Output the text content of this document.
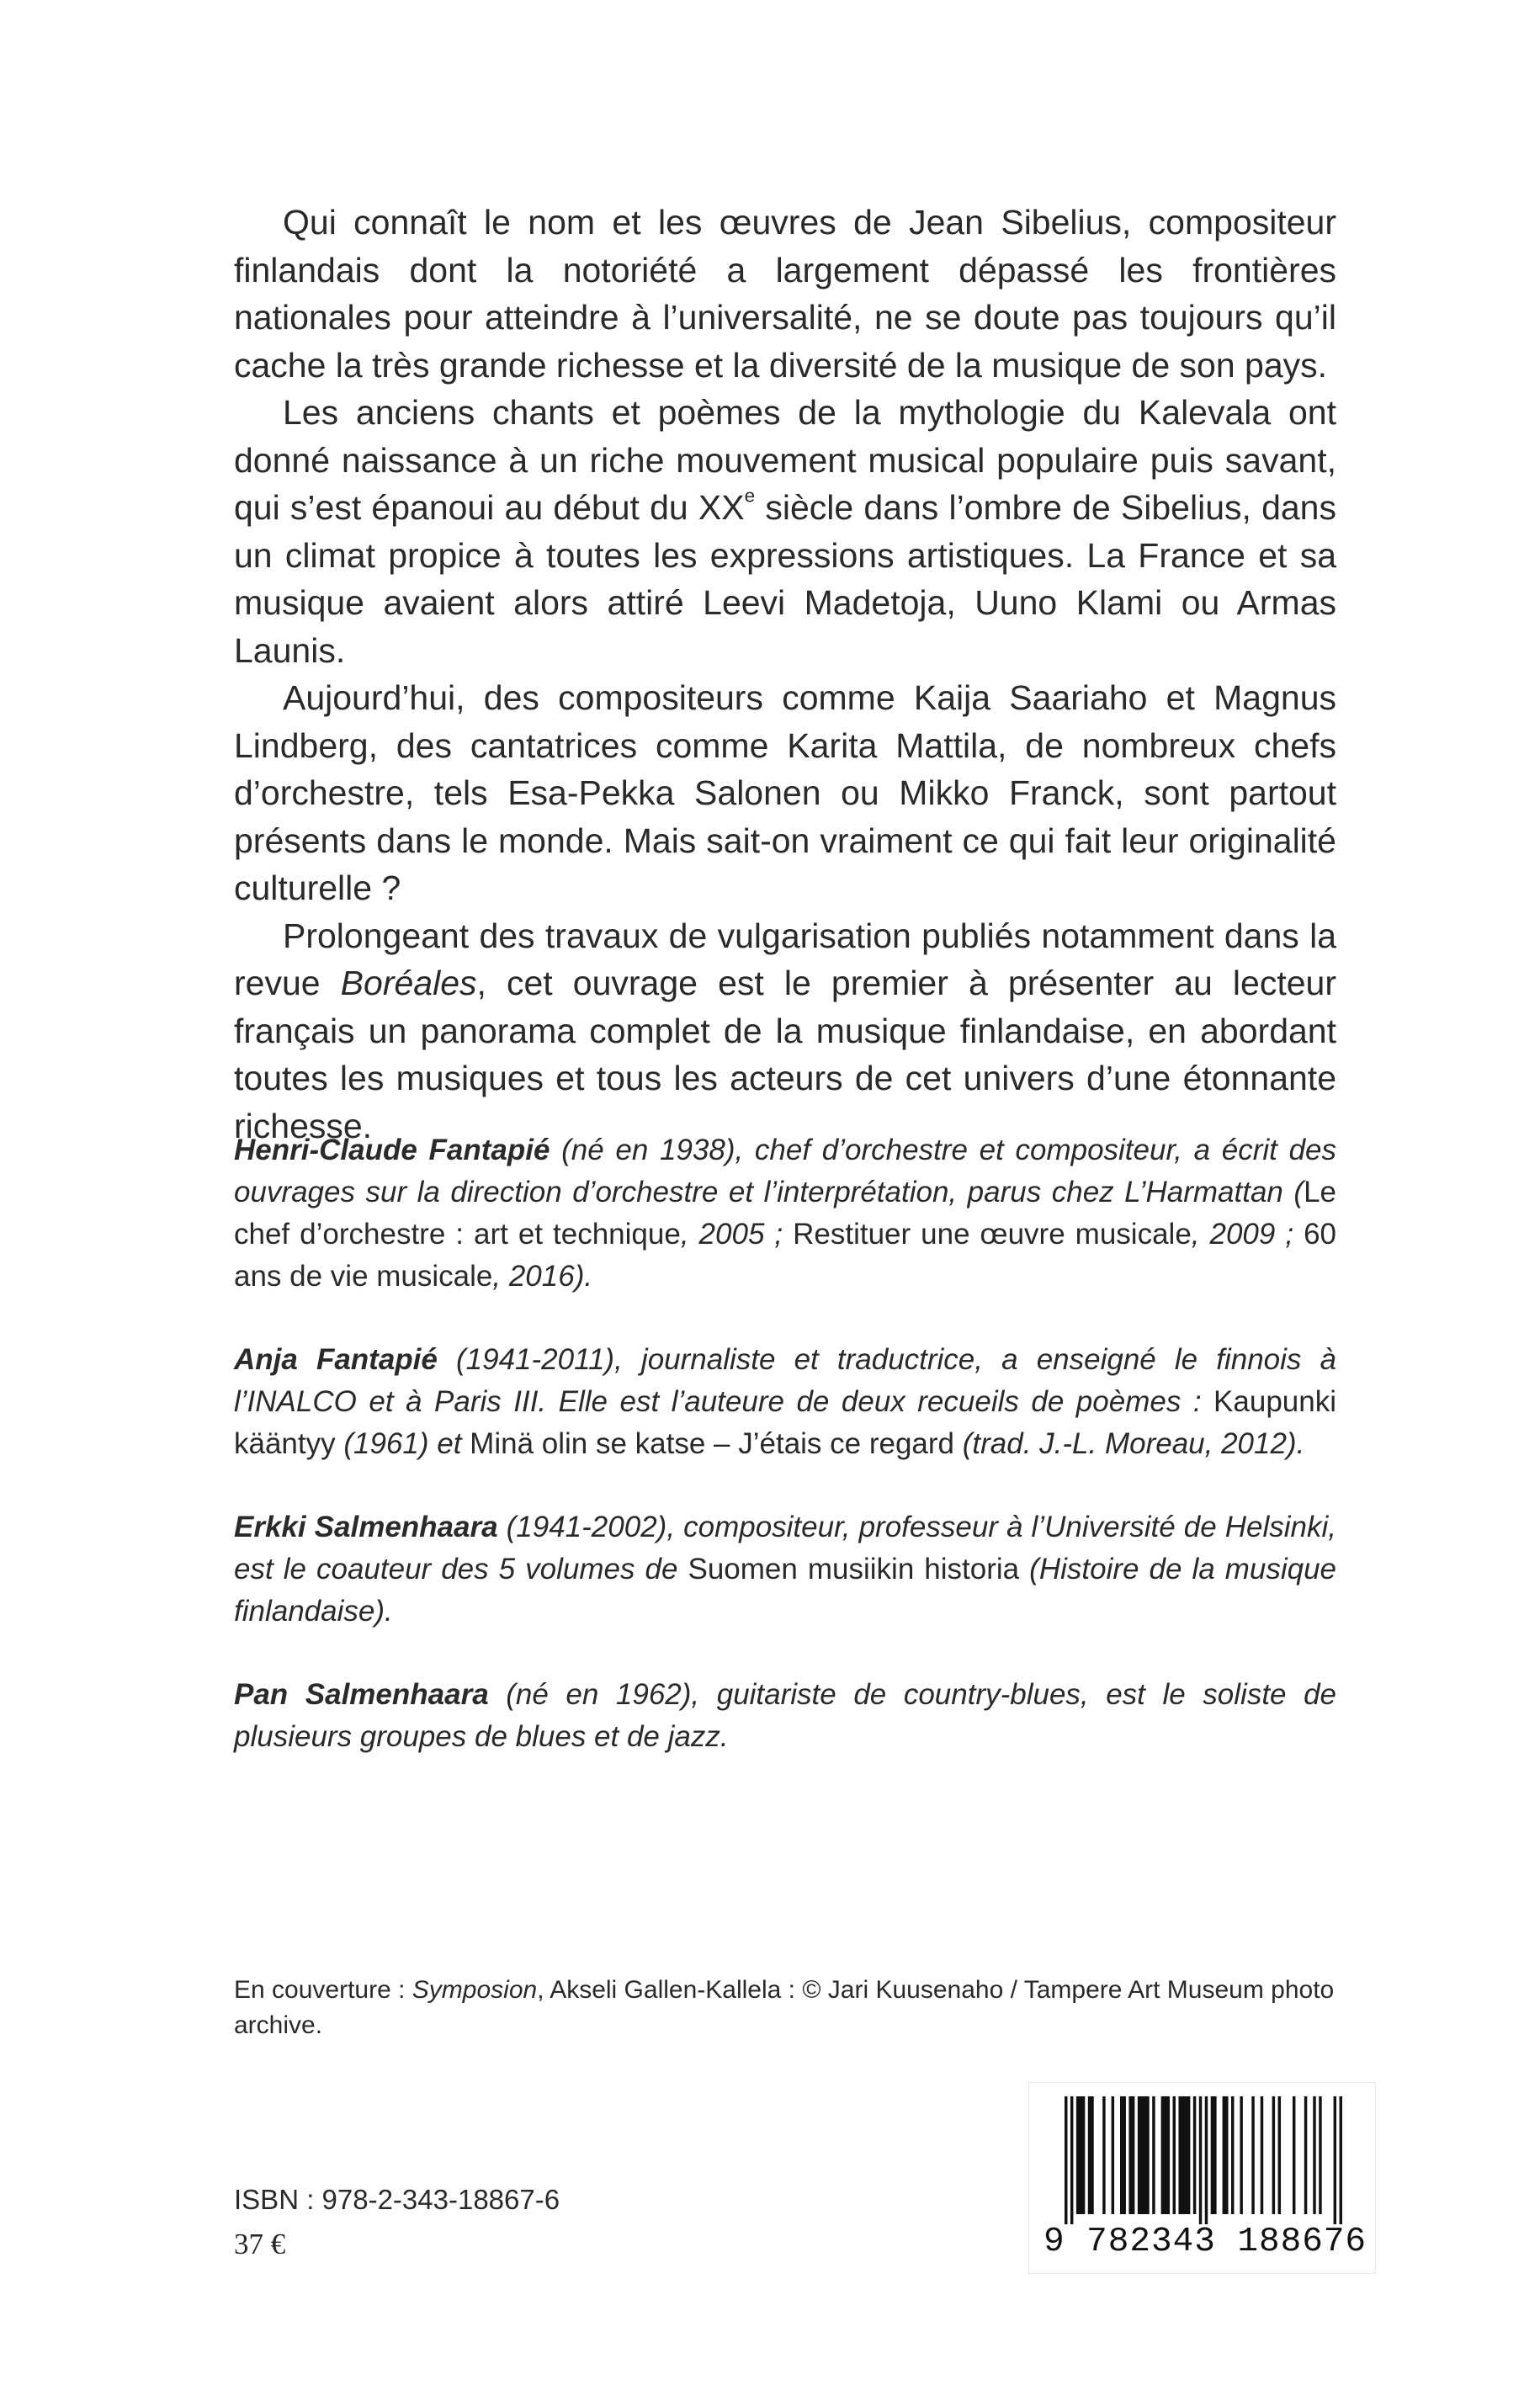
Qui connaît le nom et les œuvres de Jean Sibelius, compositeur finlandais dont la notoriété a largement dépassé les frontières nationales pour atteindre à l’universalité, ne se doute pas toujours qu’il cache la très grande richesse et la diversité de la musique de son pays.

Les anciens chants et poèmes de la mythologie du Kalevala ont donné naissance à un riche mouvement musical populaire puis savant, qui s’est épanoui au début du XXe siècle dans l’ombre de Sibelius, dans un climat propice à toutes les expressions artistiques. La France et sa musique avaient alors attiré Leevi Madetoja, Uuno Klami ou Armas Launis.

Aujourd’hui, des compositeurs comme Kaija Saariaho et Magnus Lindberg, des cantatrices comme Karita Mattila, de nombreux chefs d’orchestre, tels Esa-Pekka Salonen ou Mikko Franck, sont partout présents dans le monde. Mais sait-on vraiment ce qui fait leur originalité culturelle ?

Prolongeant des travaux de vulgarisation publiés notamment dans la revue Boréales, cet ouvrage est le premier à présenter au lecteur français un panorama complet de la musique finlandaise, en abordant toutes les musiques et tous les acteurs de cet univers d’une étonnante richesse.

Henri-Claude Fantapié (né en 1938), chef d’orchestre et compositeur, a écrit des ouvrages sur la direction d’orchestre et l’interprétation, parus chez L’Harmattan (Le chef d’orchestre : art et technique, 2005 ; Restituer une œuvre musicale, 2009 ; 60 ans de vie musicale, 2016).

Anja Fantapié (1941-2011), journaliste et traductrice, a enseigné le finnois à l’INALCO et à Paris III. Elle est l’auteure de deux recueils de poèmes : Kaupunki kääntyy (1961) et Minä olin se katse – J’étais ce regard (trad. J.-L. Moreau, 2012).

Erkki Salmenhaara (1941-2002), compositeur, professeur à l’Université de Helsinki, est le coauteur des 5 volumes de Suomen musiikin historia (Histoire de la musique finlandaise).

Pan Salmenhaara (né en 1962), guitariste de country-blues, est le soliste de plusieurs groupes de blues et de jazz.

En couverture : Symposion, Akseli Gallen-Kallela : © Jari Kuusenaho / Tampere Art Museum photo archive.
ISBN : 978-2-343-18867-6
37 €	9 782343 188676
